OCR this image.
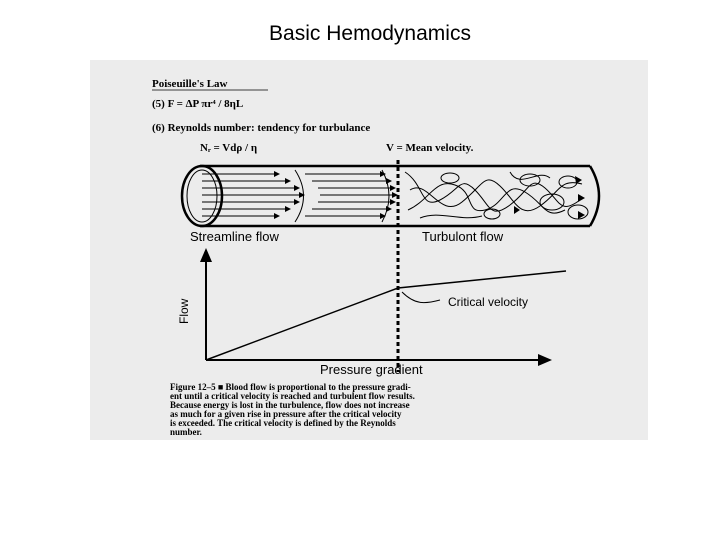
Basic Hemodynamics
Poiseuille's Law
(5) F = ΔP πr⁴ / 8ηL
(6) Reynolds number: tendency for turbulance
Nᵣ = Vdρ / η	V = Mean velocity.
Streamline flow	Turbulont flow
Flow
Pressure gradient
Critical velocity
Figure 12–5 ■ Blood flow is proportional to the pressure gradi-
ent until a critical velocity is reached and turbulent flow results.
Because energy is lost in the turbulence, flow does not increase
as much for a given rise in pressure after the critical velocity
is exceeded. The critical velocity is defined by the Reynolds
number.
